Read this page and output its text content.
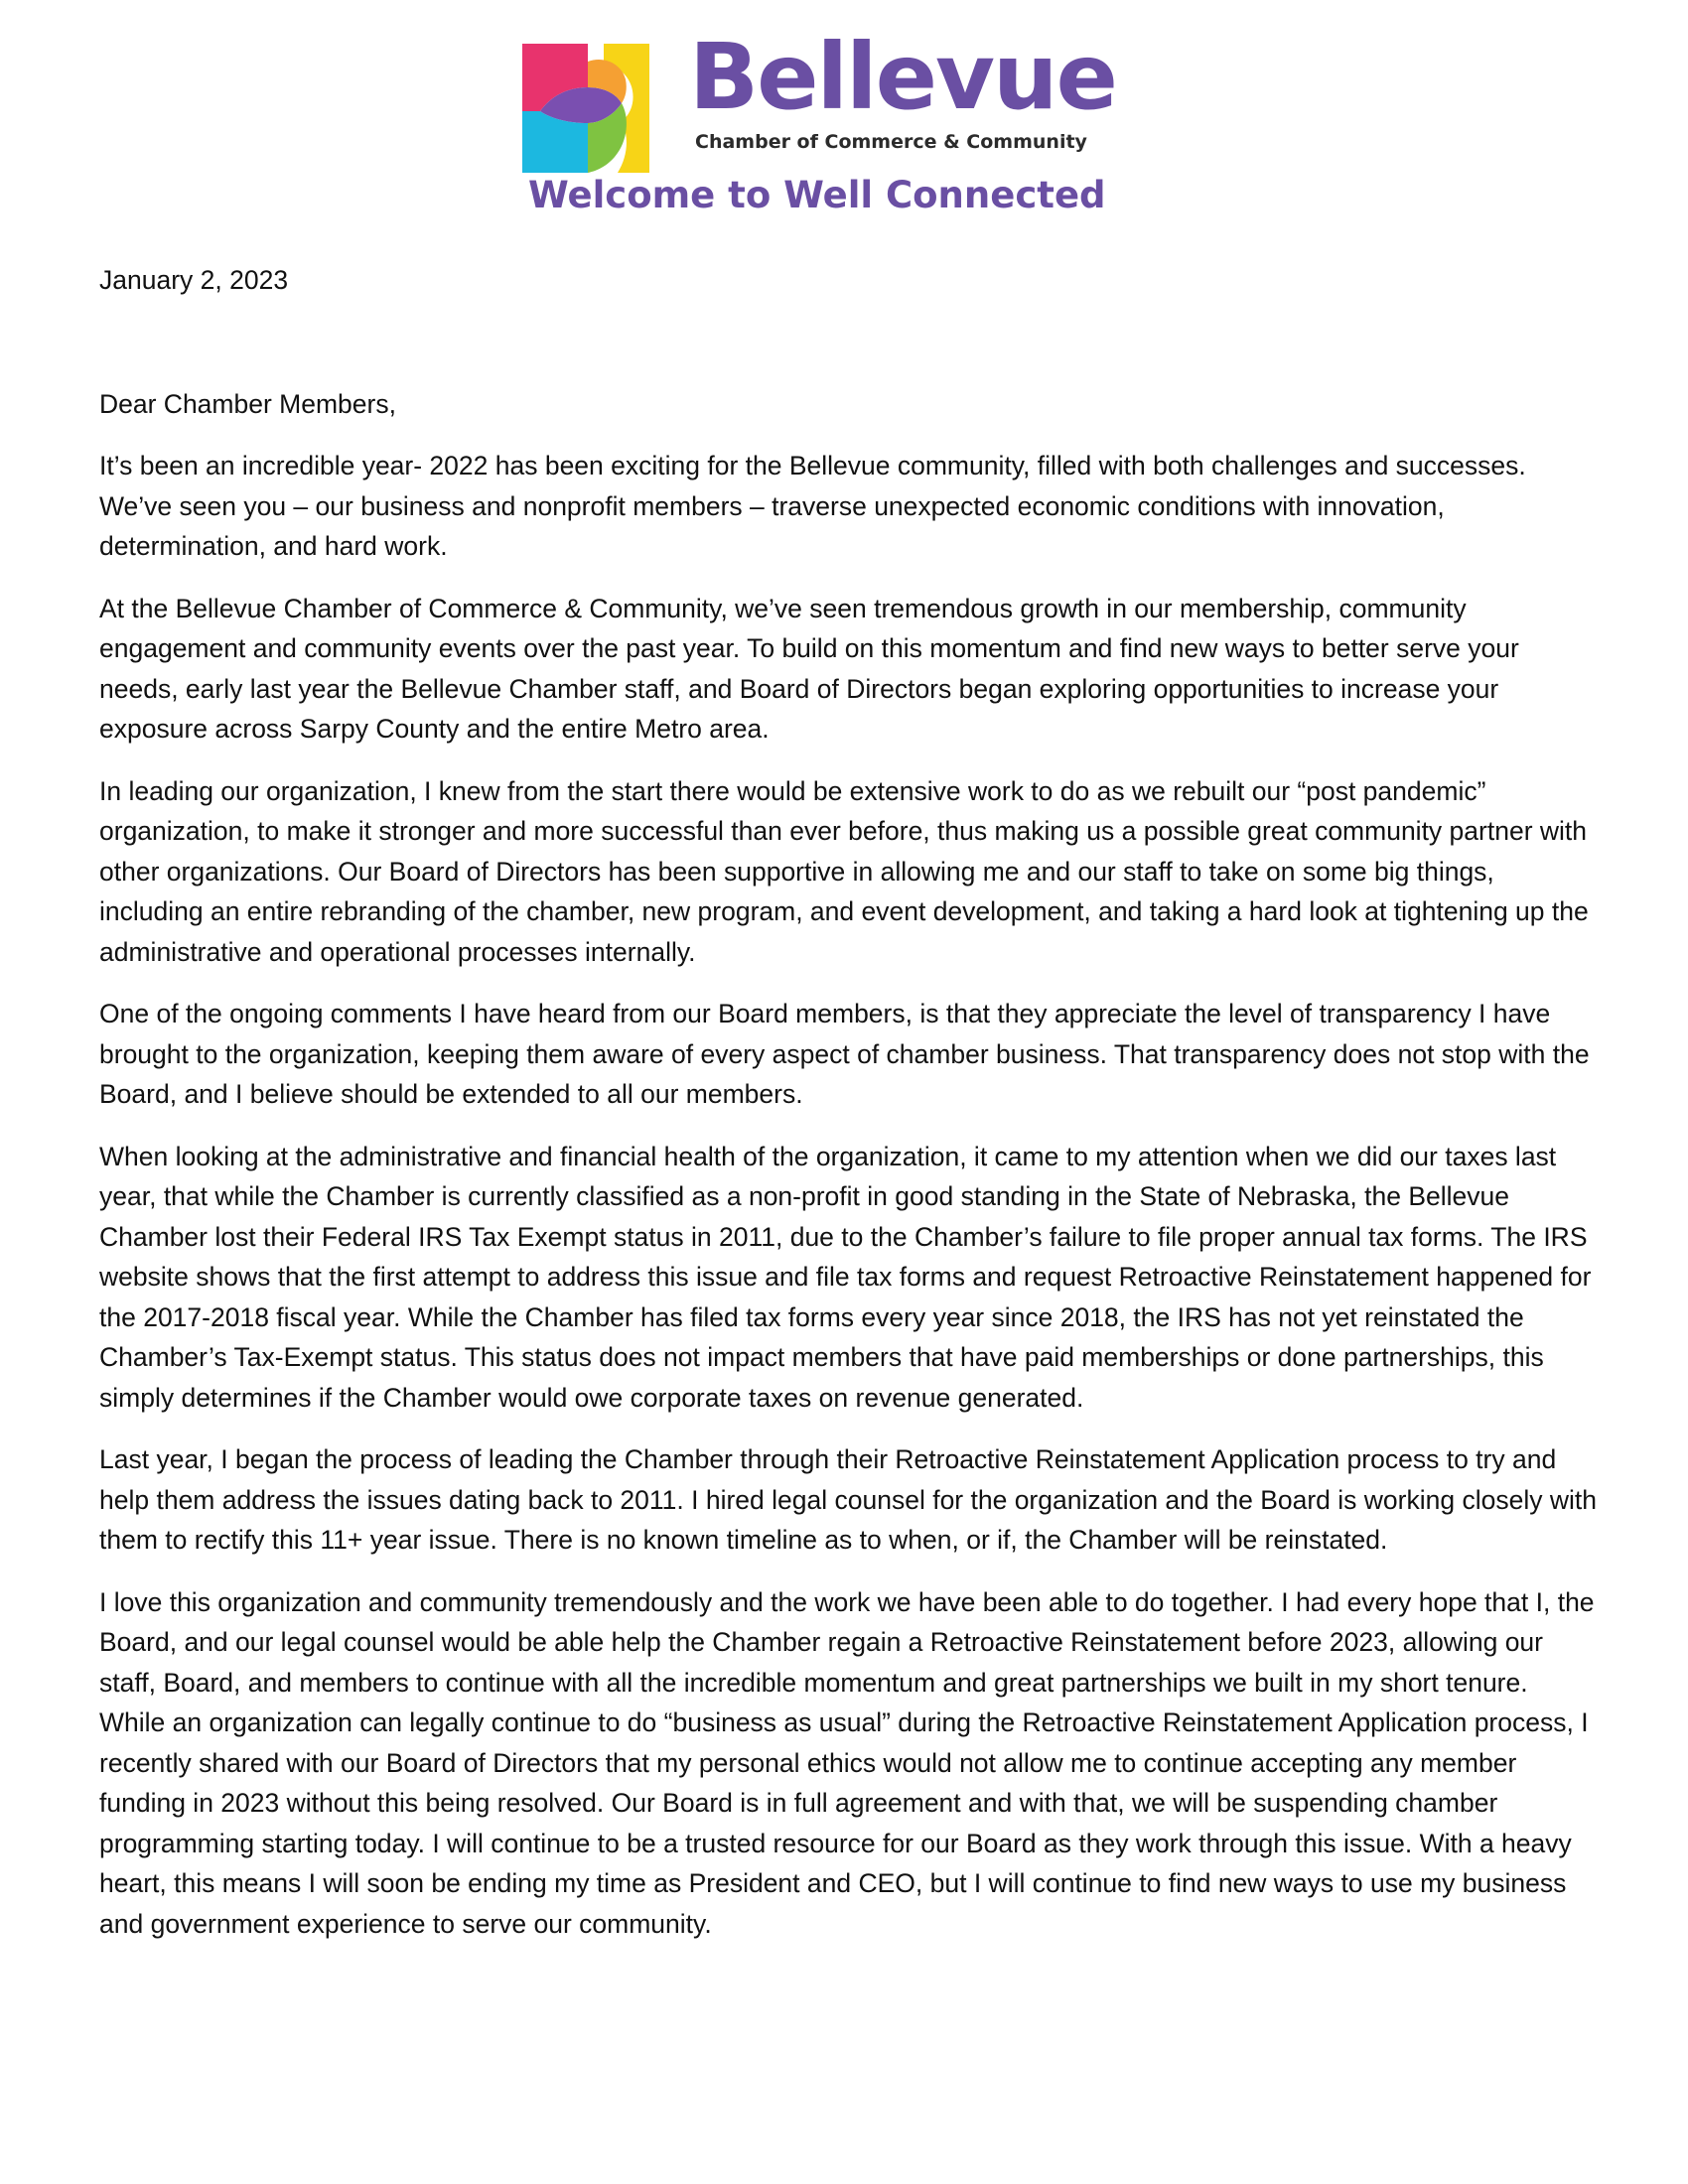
Bellevue
Chamber of Commerce & Community
Welcome to Well Connected

January 2, 2023

Dear Chamber Members,

It’s been an incredible year- 2022 has been exciting for the Bellevue community, filled with both challenges and successes. We’ve seen you – our business and nonprofit members – traverse unexpected economic conditions with innovation, determination, and hard work.

At the Bellevue Chamber of Commerce & Community, we’ve seen tremendous growth in our membership, community engagement and community events over the past year. To build on this momentum and find new ways to better serve your needs, early last year the Bellevue Chamber staff, and Board of Directors began exploring opportunities to increase your exposure across Sarpy County and the entire Metro area.

In leading our organization, I knew from the start there would be extensive work to do as we rebuilt our “post pandemic” organization, to make it stronger and more successful than ever before, thus making us a possible great community partner with other organizations. Our Board of Directors has been supportive in allowing me and our staff to take on some big things, including an entire rebranding of the chamber, new program, and event development, and taking a hard look at tightening up the administrative and operational processes internally.

One of the ongoing comments I have heard from our Board members, is that they appreciate the level of transparency I have brought to the organization, keeping them aware of every aspect of chamber business. That transparency does not stop with the Board, and I believe should be extended to all our members.

When looking at the administrative and financial health of the organization, it came to my attention when we did our taxes last year, that while the Chamber is currently classified as a non-profit in good standing in the State of Nebraska, the Bellevue Chamber lost their Federal IRS Tax Exempt status in 2011, due to the Chamber’s failure to file proper annual tax forms. The IRS website shows that the first attempt to address this issue and file tax forms and request Retroactive Reinstatement happened for the 2017-2018 fiscal year. While the Chamber has filed tax forms every year since 2018, the IRS has not yet reinstated the Chamber’s Tax-Exempt status. This status does not impact members that have paid memberships or done partnerships, this simply determines if the Chamber would owe corporate taxes on revenue generated.

Last year, I began the process of leading the Chamber through their Retroactive Reinstatement Application process to try and help them address the issues dating back to 2011. I hired legal counsel for the organization and the Board is working closely with them to rectify this 11+ year issue. There is no known timeline as to when, or if, the Chamber will be reinstated.

I love this organization and community tremendously and the work we have been able to do together. I had every hope that I, the Board, and our legal counsel would be able help the Chamber regain a Retroactive Reinstatement before 2023, allowing our staff, Board, and members to continue with all the incredible momentum and great partnerships we built in my short tenure. While an organization can legally continue to do “business as usual” during the Retroactive Reinstatement Application process, I recently shared with our Board of Directors that my personal ethics would not allow me to continue accepting any member funding in 2023 without this being resolved. Our Board is in full agreement and with that, we will be suspending chamber programming starting today. I will continue to be a trusted resource for our Board as they work through this issue. With a heavy heart, this means I will soon be ending my time as President and CEO, but I will continue to find new ways to use my business and government experience to serve our community.
